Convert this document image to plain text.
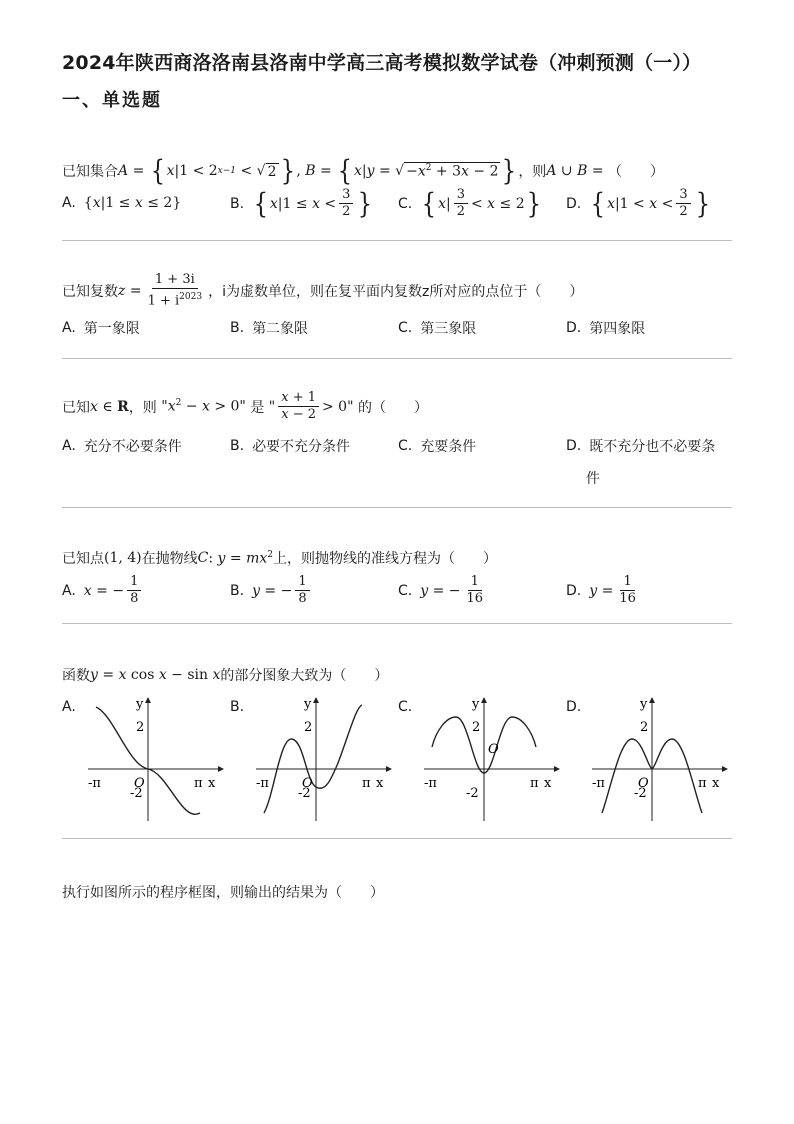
2024年陕西商洛洛南县洛南中学高三高考模拟数学试卷（冲刺预测（一））
一、单选题
已知集合 A = { x |1 < 2 x−1 < √ 2 } , B = { x | y = √ $-x^2 + 3x - 2$ } ，则 A ∪ B = （　　）
A. {x|1 ≤ x ≤ 2}	B. { x $|1 \le x < \frac{3}{2}$ } C. { x | $\frac{3}{2} < x \le 2$ } D. { x $|1 < x < \frac{3}{2}$ }
已知复数 $z = \frac{1 + 3i}{1 + i^{2023}}$ ，i为虚数单位，则在复平面内复数z所对应的点位于（　　）
A. 第一象限	B. 第二象限	C. 第三象限	D. 第四象限
已知 x ∈ R ，则 "$x^2 - x > 0$" 是 " $\frac{x + 1}{x - 2} > 0$" 的（　　）
A. 充分不必要条件	B. 必要不充分条件	C. 充要条件	D. 既不充分也不必要条
件
已知点 (1, 4) 在抛物线 C : $y = mx^2$ 上，则抛物线的准线方程为（　　）
A. x = − $\frac{1}{8}$	B. y = − $\frac{1}{8}$	C. y = − $\frac{1}{16}$	D. $y = \frac{1}{16}$
函数 y = x cos x − sin x 的部分图象大致为（　　）
A.	B.	C.	D.
y
x
2
-2
-π	π
O
y
x
2
-2
-π	π
O
y
x
2
-2
-π	π
O
y
x
2
-2
-π	π
O
执行如图所示的程序框图，则输出的结果为（　　）
